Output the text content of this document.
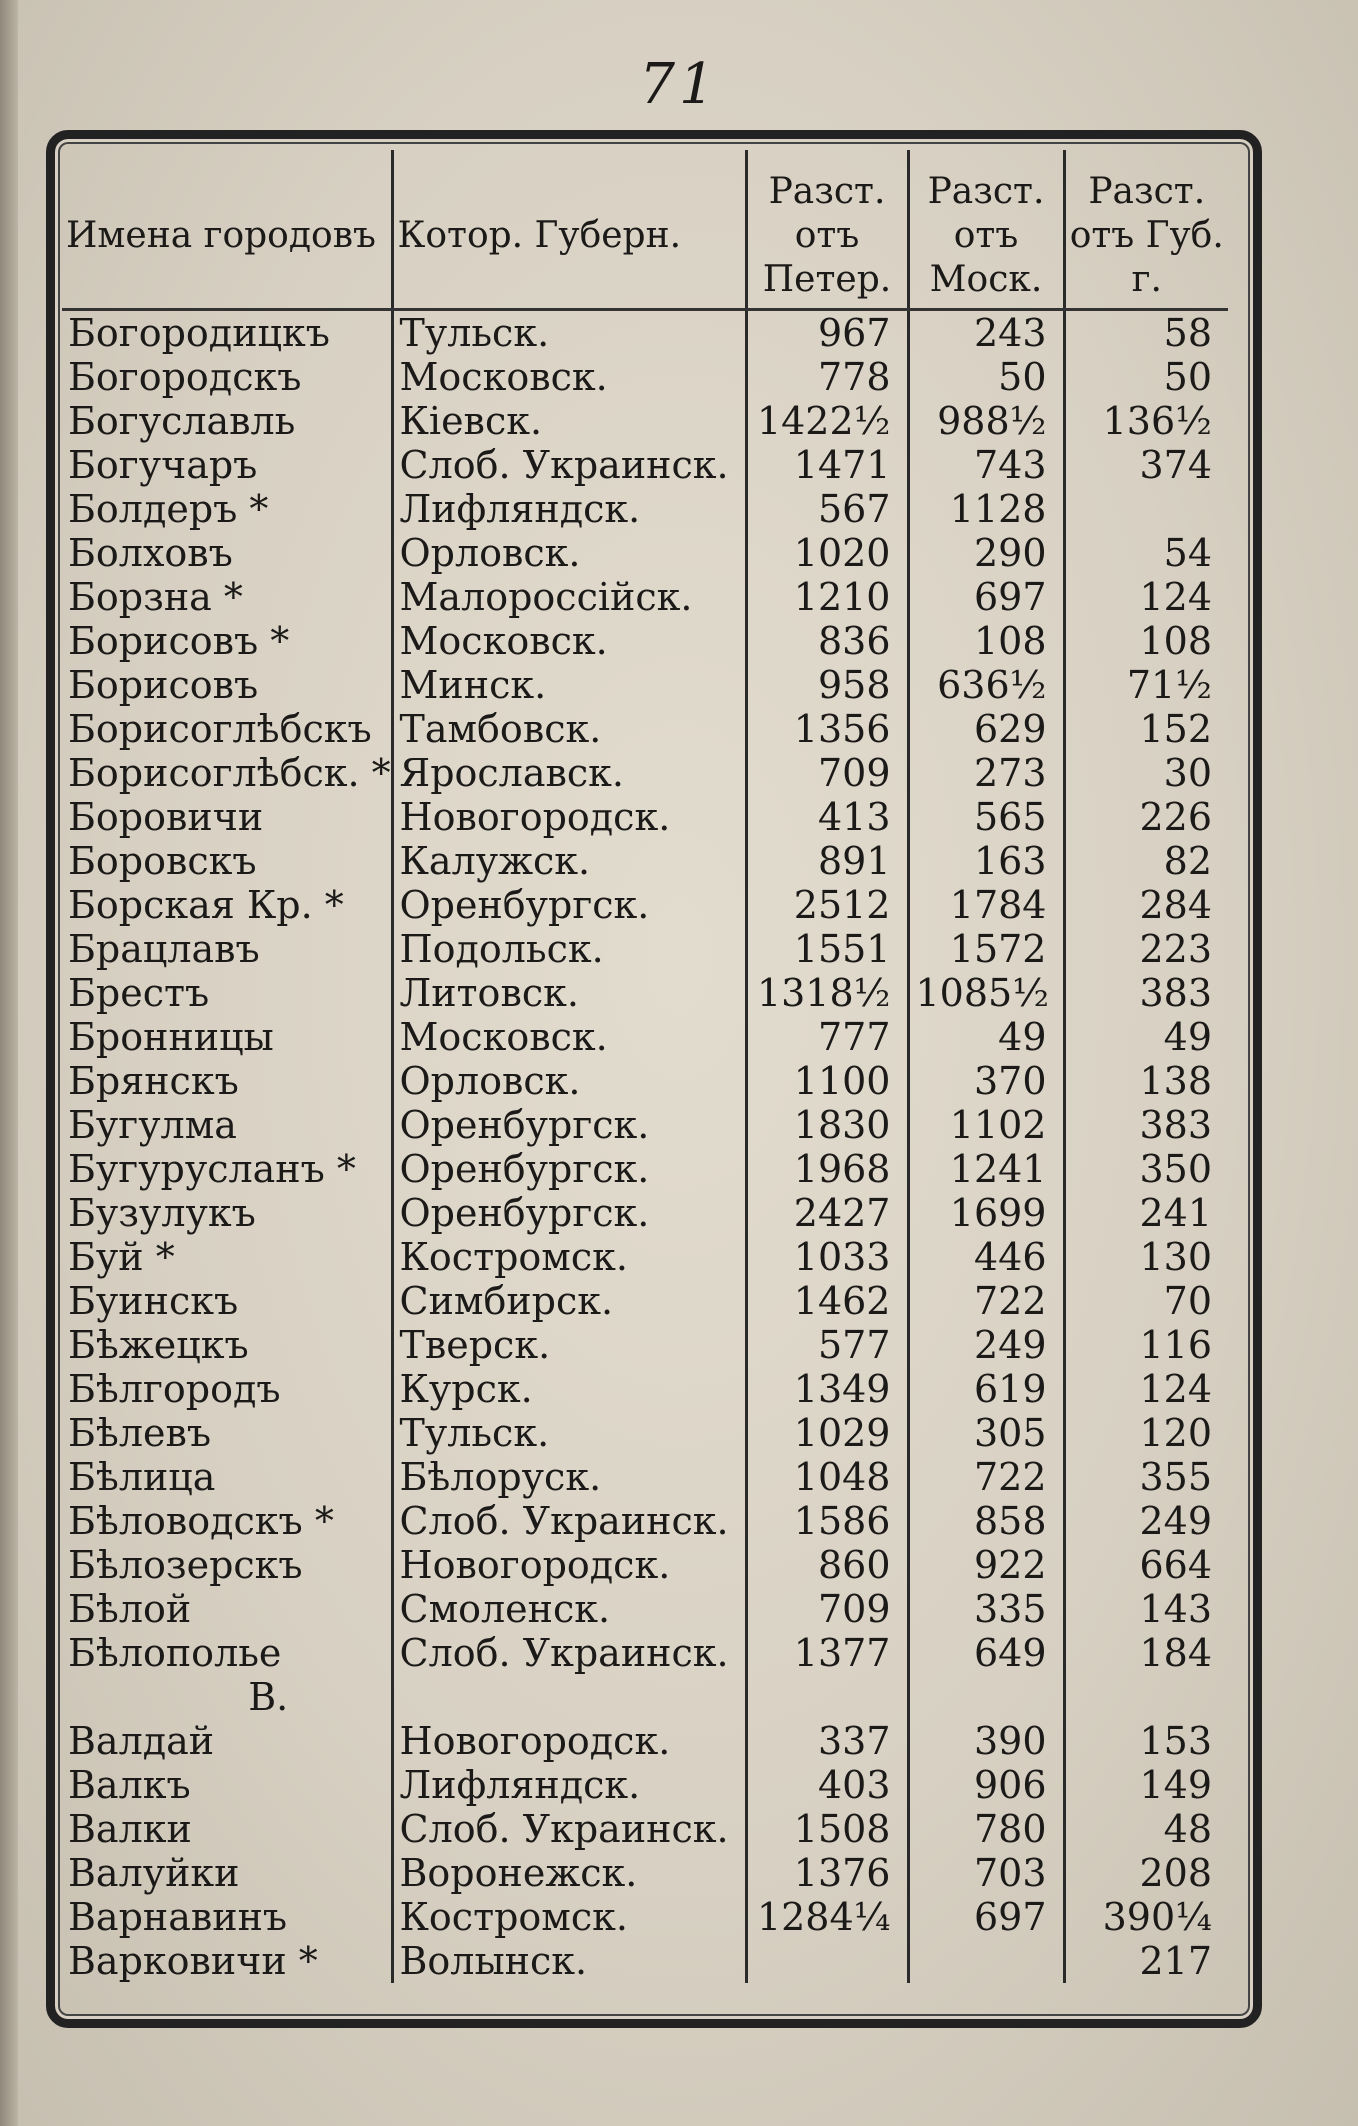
71
Имена городовъ	Котор. Губерн.	Разст. отъ Петер.	Разст. отъ Моск.	Разст. отъ Губ. г.
Богородицкъ	Тульск.	967	243	58
Богородскъ	Московск.	778	50	50
Богуславль	Кiевск.	1422½	988½	136½
Богучаръ	Слоб. Украинск.	1471	743	374
Болдеръ *	Лифляндск.	567	1128	
Болховъ	Орловск.	1020	290	54
Борзна *	Малороссiйск.	1210	697	124
Борисовъ *	Московск.	836	108	108
Борисовъ	Минск.	958	636½	71½
Борисоглѣбскъ	Тамбовск.	1356	629	152
Борисоглѣбск. *	Ярославск.	709	273	30
Боровичи	Новогородск.	413	565	226
Боровскъ	Калужск.	891	163	82
Борская Кр. *	Оренбургск.	2512	1784	284
Брацлавъ	Подольск.	1551	1572	223
Брестъ	Литовск.	1318½	1085½	383
Бронницы	Московск.	777	49	49
Брянскъ	Орловск.	1100	370	138
Бугулма	Оренбургск.	1830	1102	383
Бугурусланъ *	Оренбургск.	1968	1241	350
Бузулукъ	Оренбургск.	2427	1699	241
Буй *	Костромск.	1033	446	130
Буинскъ	Симбирск.	1462	722	70
Бѣжецкъ	Тверск.	577	249	116
Бѣлгородъ	Курск.	1349	619	124
Бѣлевъ	Тульск.	1029	305	120
Бѣлица	Бѣлоруск.	1048	722	355
Бѣловодскъ *	Слоб. Украинск.	1586	858	249
Бѣлозерскъ	Новогородск.	860	922	664
Бѣлой	Смоленск.	709	335	143
Бѣлополье	Слоб. Украинск.	1377	649	184
В.				
Валдай	Новогородск.	337	390	153
Валкъ	Лифляндск.	403	906	149
Валки	Слоб. Украинск.	1508	780	48
Валуйки	Воронежск.	1376	703	208
Варнавинъ	Костромск.	1284¼	697	390¼
Варковичи *	Волынск.			217
